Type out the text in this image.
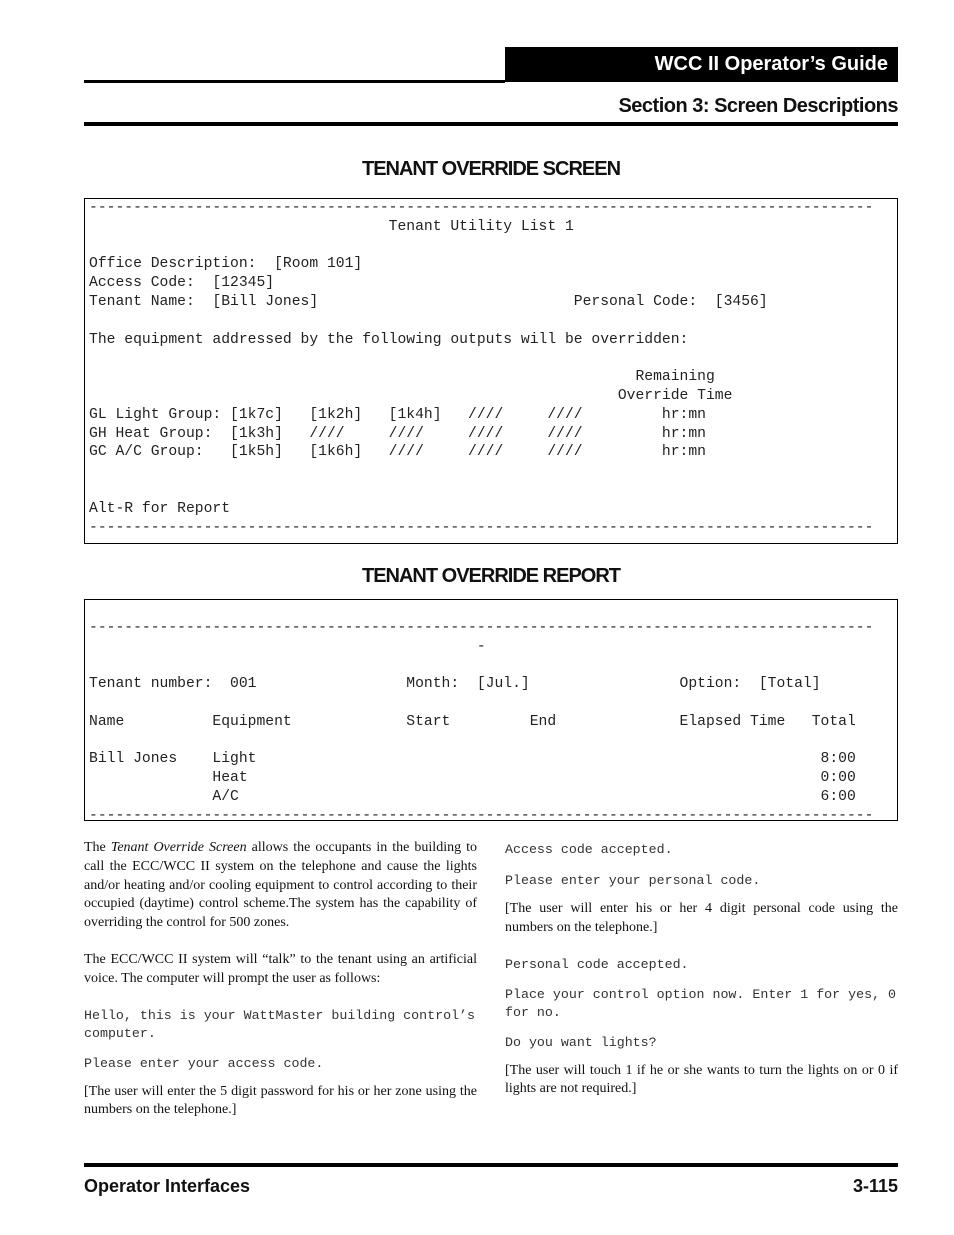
WCC II Operator’s Guide
Section 3: Screen Descriptions
TENANT OVERRIDE SCREEN
-----------------------------------------------------------------------------------------
Tenant Utility List 1

Office Description:  [Room 101]
Access Code:  [12345]
Tenant Name:  [Bill Jones]                             Personal Code:  [3456]

The equipment addressed by the following outputs will be overridden:

Remaining
Override Time
GL Light Group: [1k7c]   [1k2h]   [1k4h]   ////     ////         hr:mn
GH Heat Group:  [1k3h]   ////     ////     ////     ////         hr:mn
GC A/C Group:   [1k5h]   [1k6h]   ////     ////     ////         hr:mn

Alt-R for Report
-----------------------------------------------------------------------------------------
TENANT OVERRIDE REPORT

-----------------------------------------------------------------------------------------
-

Tenant number:  001                 Month:  [Jul.]                 Option:  [Total]

Name          Equipment             Start         End              Elapsed Time   Total

Bill Jones    Light                                                                8:00
Heat                                                                 0:00
A/C                                                                  6:00
-----------------------------------------------------------------------------------------

The Tenant Override Screen allows the occupants in the building to call the ECC/WCC II system on the telephone and cause the lights and/or heating and/or cooling equipment to control according to their occupied (daytime) control scheme.The system has the capability of overriding the control for 500 zones.

The ECC/WCC II system will “talk” to the tenant using an artificial voice. The computer will prompt the user as follows:

Hello, this is your WattMaster building control’s computer.

Please enter your access code.

[The user will enter the 5 digit password for his or her zone using the numbers on the telephone.]

Access code accepted.

Please enter your personal code.

[The user will enter his or her 4 digit personal code using the numbers on the telephone.]

Personal code accepted.

Place your control option now. Enter 1 for yes, 0 for no.

Do you want lights?

[The user will touch 1 if he or she wants to turn the lights on or 0 if lights are not required.]

Operator Interfaces	3-115
